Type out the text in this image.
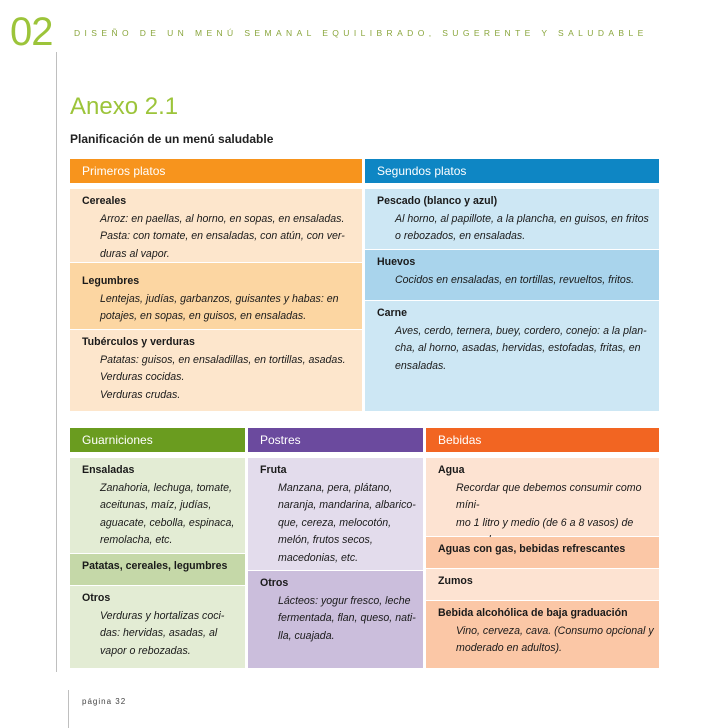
02	DISEÑO DE UN MENÚ SEMANAL EQUILIBRADO, SUGERENTE Y SALUDABLE
Anexo 2.1
Planificación de un menú saludable
Primeros platos	Segundos platos
Cereales
Arroz: en paellas, al horno, en sopas, en ensaladas.
Pasta: con tomate, en ensaladas, con atún, con ver-
duras al vapor.
Legumbres
Lentejas, judías, garbanzos, guisantes y habas: en
potajes, en sopas, en guisos, en ensaladas.
Tubérculos y verduras
Patatas: guisos, en ensaladillas, en tortillas, asadas.
Verduras cocidas.
Verduras crudas.
Pescado (blanco y azul)
Al horno, al papillote, a la plancha, en guisos, en fritos
o rebozados, en ensaladas.
Huevos
Cocidos en ensaladas, en tortillas, revueltos, fritos.
Carne
Aves, cerdo, ternera, buey, cordero, conejo: a la plan-
cha, al horno, asadas, hervidas, estofadas, fritas, en
ensaladas.
Guarniciones	Postres	Bebidas
Ensaladas
Zanahoria, lechuga, tomate,
aceitunas, maíz, judías,
aguacate, cebolla, espinaca,
remolacha, etc.
Patatas, cereales, legumbres
Otros
Verduras y hortalizas coci-
das: hervidas, asadas, al
vapor o rebozadas.
Fruta
Manzana, pera, plátano,
naranja, mandarina, albarico-
que, cereza, melocotón,
melón, frutos secos,
macedonias, etc.
Otros
Lácteos: yogur fresco, leche
fermentada, flan, queso, nati-
lla, cuajada.
Agua
Recordar que debemos consumir como míni-
mo 1 litro y medio (de 6 a 8 vasos) de
Aguas con gas, bebidas refrescantes
Zumos
Bebida alcohólica de baja graduación
Vino, cerveza, cava. (Consumo opcional y
moderado en adultos).
página 32
